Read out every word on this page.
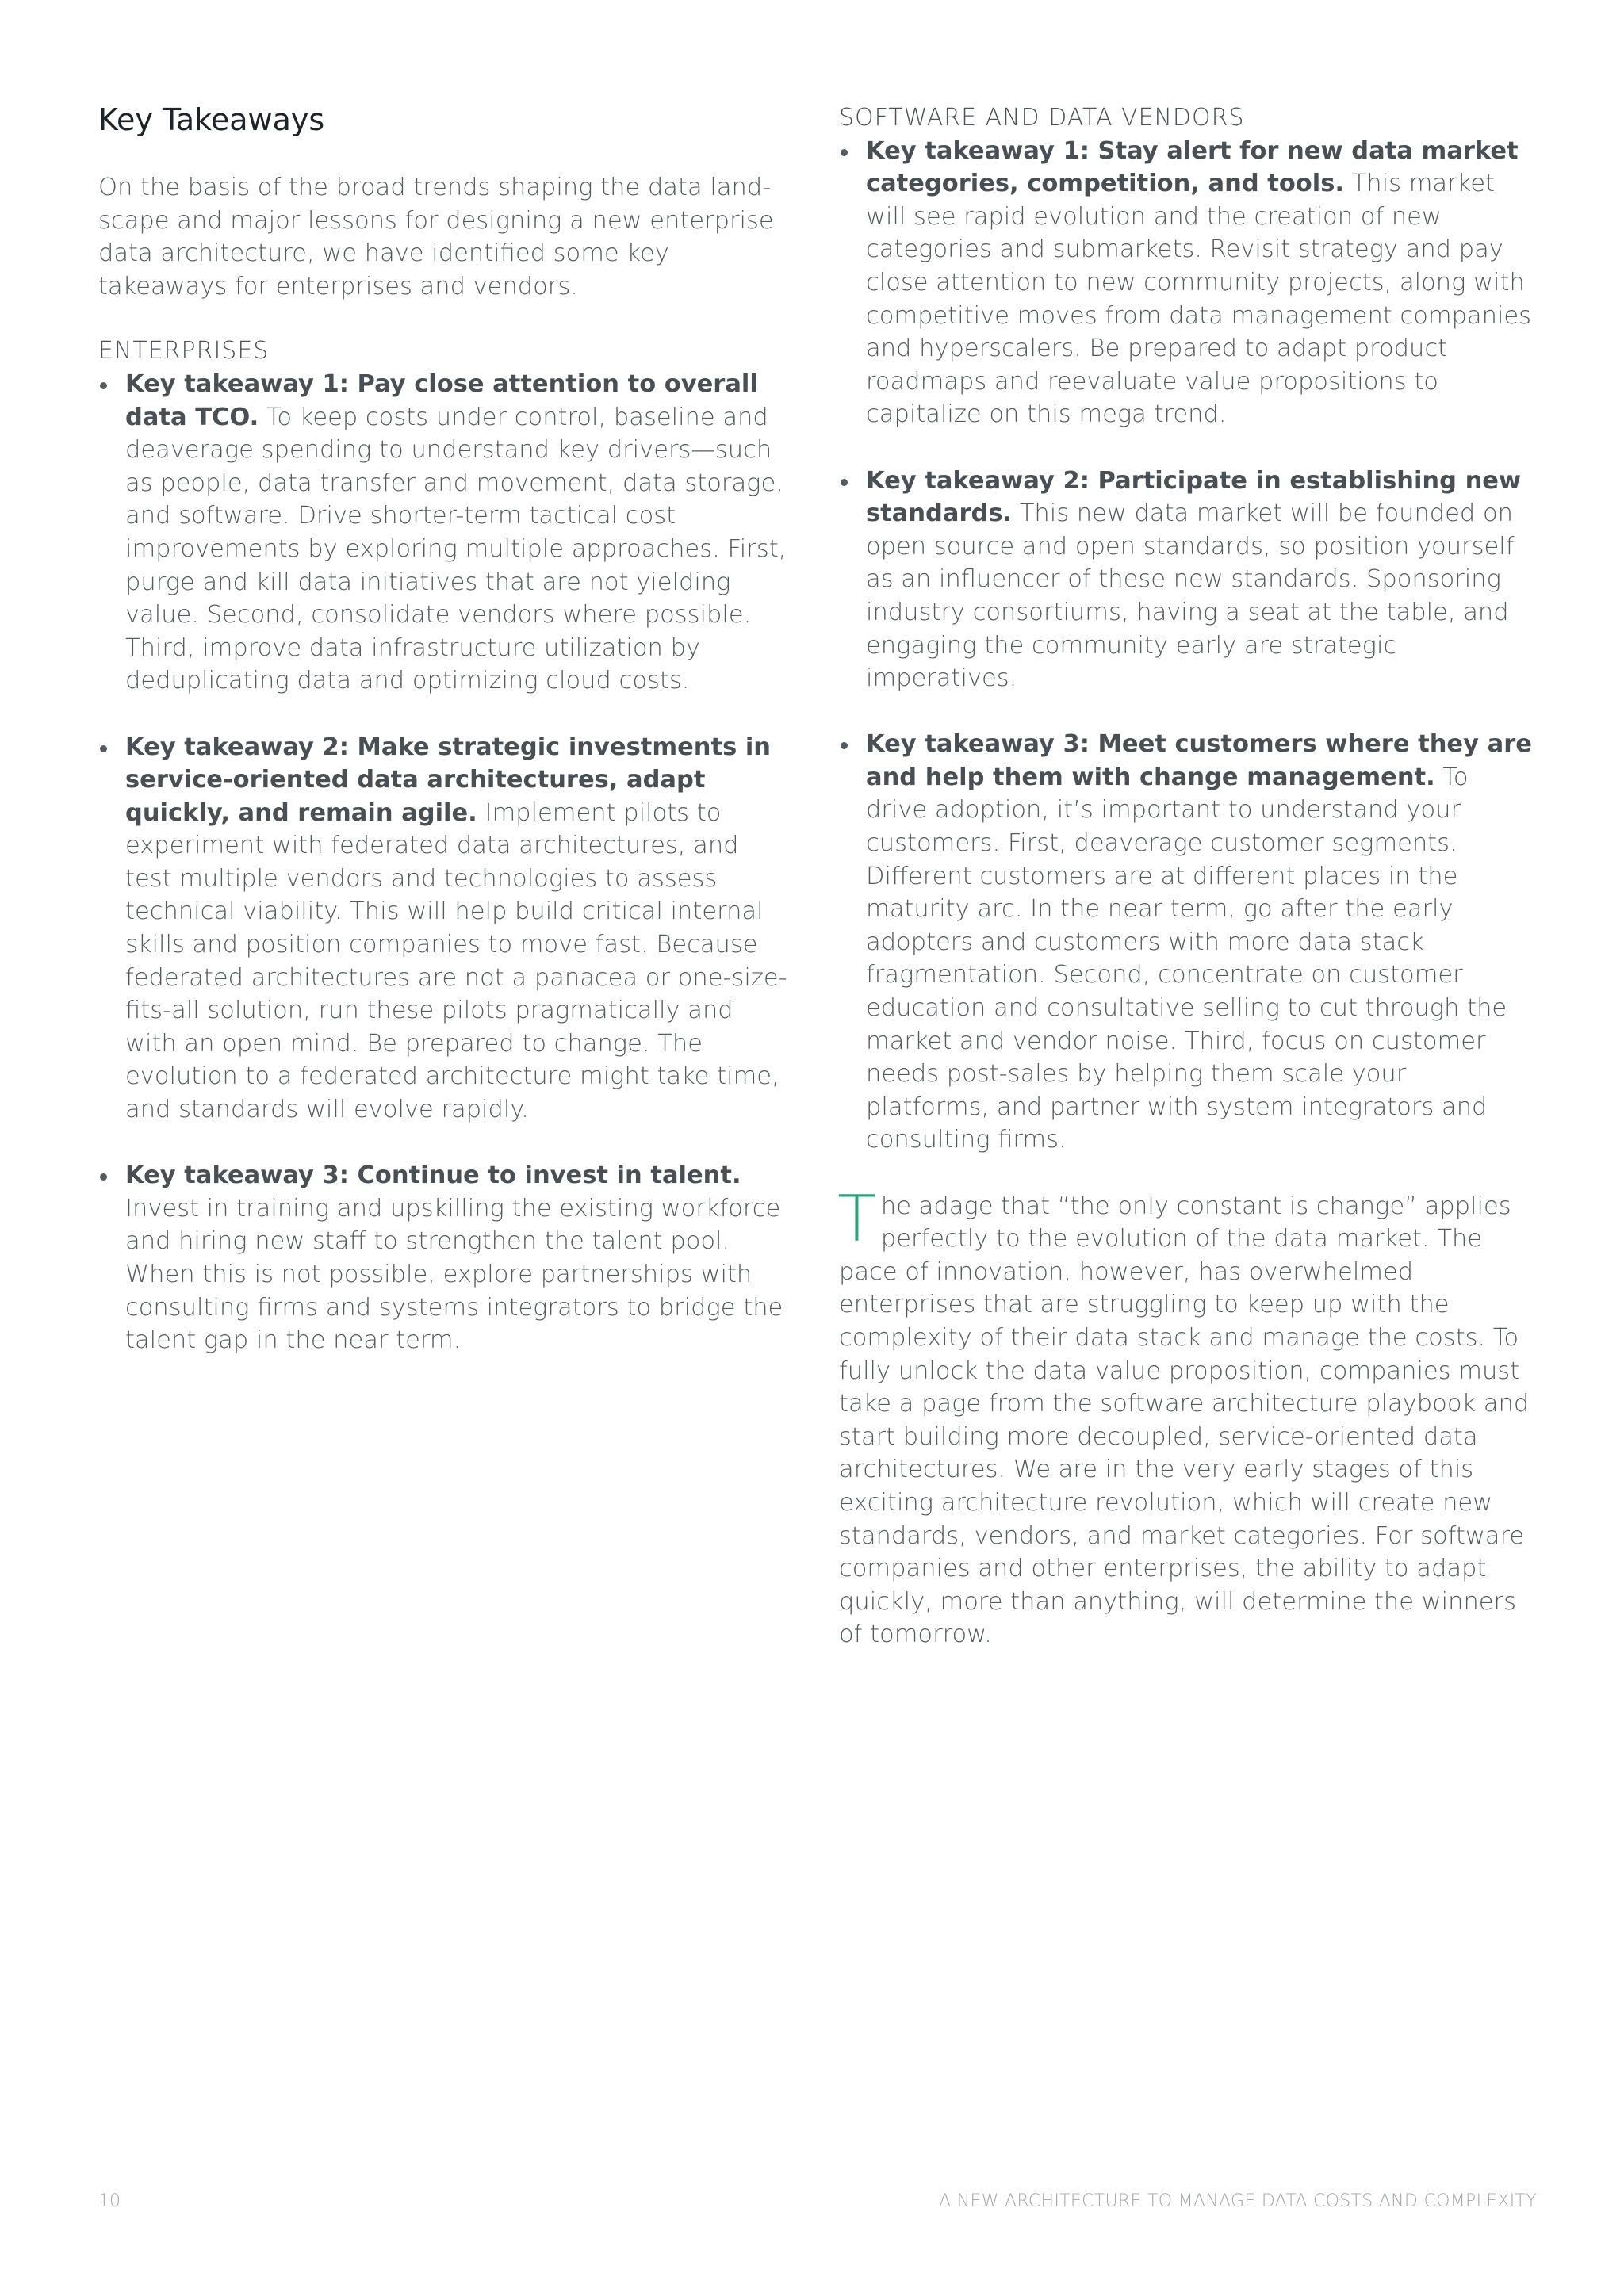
Key Takeaways

On the basis of the broad trends shaping the data land-scape and major lessons for designing a new enterprise data architecture, we have identified some key takeaways for enterprises and vendors.

ENTERPRISES

Key takeaway 1: Pay close attention to overall data TCO. To keep costs under control, baseline and deaverage spending to understand key drivers—such as people, data transfer and movement, data storage, and software. Drive shorter-term tactical cost improvements by exploring multiple approaches. First, purge and kill data initiatives that are not yielding value. Second, consolidate vendors where possible. Third, improve data infrastructure utilization by deduplicating data and optimizing cloud costs.
Key takeaway 2: Make strategic investments in service-oriented data architectures, adapt quickly, and remain agile. Implement pilots to experiment with federated data architectures, and test multiple vendors and technologies to assess technical viability. This will help build critical internal skills and position companies to move fast. Because federated architectures are not a panacea or one-size-fits-all solution, run these pilots pragmatically and with an open mind. Be prepared to change. The evolution to a federated architecture might take time, and standards will evolve rapidly.
Key takeaway 3: Continue to invest in talent. Invest in training and upskilling the existing workforce and hiring new staff to strengthen the talent pool. When this is not possible, explore partnerships with consulting firms and systems integrators to bridge the talent gap in the near term.

SOFTWARE AND DATA VENDORS

Key takeaway 1: Stay alert for new data market categories, competition, and tools. This market will see rapid evolution and the creation of new categories and submarkets. Revisit strategy and pay close attention to new community projects, along with competitive moves from data management companies and hyperscalers. Be prepared to adapt product roadmaps and reevaluate value propositions to capitalize on this mega trend.
Key takeaway 2: Participate in establishing new standards. This new data market will be founded on open source and open standards, so position yourself as an influencer of these new standards. Sponsoring industry consortiums, having a seat at the table, and engaging the community early are strategic imperatives.
Key takeaway 3: Meet customers where they are and help them with change management. To drive adoption, it’s important to understand your customers. First, deaverage customer segments. Different customers are at different places in the maturity arc. In the near term, go after the early adopters and customers with more data stack fragmentation. Second, concentrate on customer education and consultative selling to cut through the market and vendor noise. Third, focus on customer needs post-sales by helping them scale your platforms, and partner with system integrators and consulting firms.

The adage that “the only constant is change” applies perfectly to the evolution of the data market. The pace of innovation, however, has overwhelmed enterprises that are struggling to keep up with the complexity of their data stack and manage the costs. To fully unlock the data value proposition, companies must take a page from the software architecture playbook and start building more decoupled, service-oriented data architectures. We are in the very early stages of this exciting architecture revolution, which will create new standards, vendors, and market categories. For software companies and other enterprises, the ability to adapt quickly, more than anything, will determine the winners of tomorrow.

10	A NEW ARCHITECTURE TO MANAGE DATA COSTS AND COMPLEXITY
